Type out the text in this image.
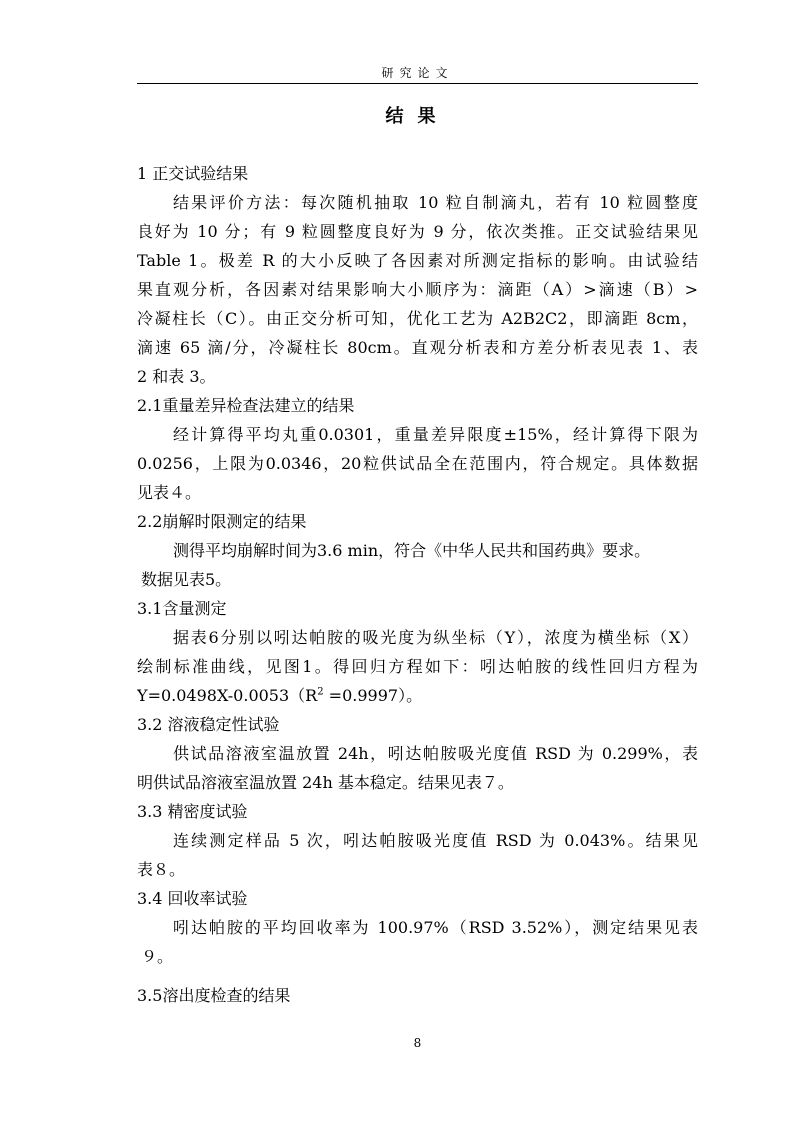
研究论文
结果
1 正交试验结果
结果评价方法：每次随机抽取 10 粒自制滴丸，若有 10 粒圆整度
良好为 10 分；有 9 粒圆整度良好为 9 分，依次类推。正交试验结果见
Table 1。极差 R 的大小反映了各因素对所测定指标的影响。由试验结
果直观分析，各因素对结果影响大小顺序为：滴距（A）>滴速（B）>
冷凝柱长（C）。由正交分析可知，优化工艺为 A2B2C2，即滴距 8cm，
滴速 65 滴/分，冷凝柱长 80cm。直观分析表和方差分析表见表 1、表
2 和表 3。
2.1重量差异检查法建立的结果
经计算得平均丸重0.0301，重量差异限度±15%，经计算得下限为
0.0256，上限为0.0346，20粒供试品全在范围内，符合规定。具体数据
见表４。
2.2崩解时限测定的结果
测得平均崩解时间为3.6 min，符合《中华人民共和国药典》要求。
数据见表5。
3.1含量测定
据表6分别以吲达帕胺的吸光度为纵坐标（Y），浓度为横坐标（X）
绘制标准曲线，见图1。得回归方程如下：吲达帕胺的线性回归方程为
$Y=0.0498X-0.0053(R^2 =0.9997)$。
3.2 溶液稳定性试验
供试品溶液室温放置 24h，吲达帕胺吸光度值 RSD 为 0.299%，表
明供试品溶液室温放置 24h 基本稳定。结果见表７。
3.3 精密度试验
连续测定样品 5 次，吲达帕胺吸光度值 RSD 为 0.043%。结果见
表８。
3.4 回收率试验
吲达帕胺的平均回收率为 100.97%（RSD 3.52%），测定结果见表
９。
3.5溶出度检查的结果
8
